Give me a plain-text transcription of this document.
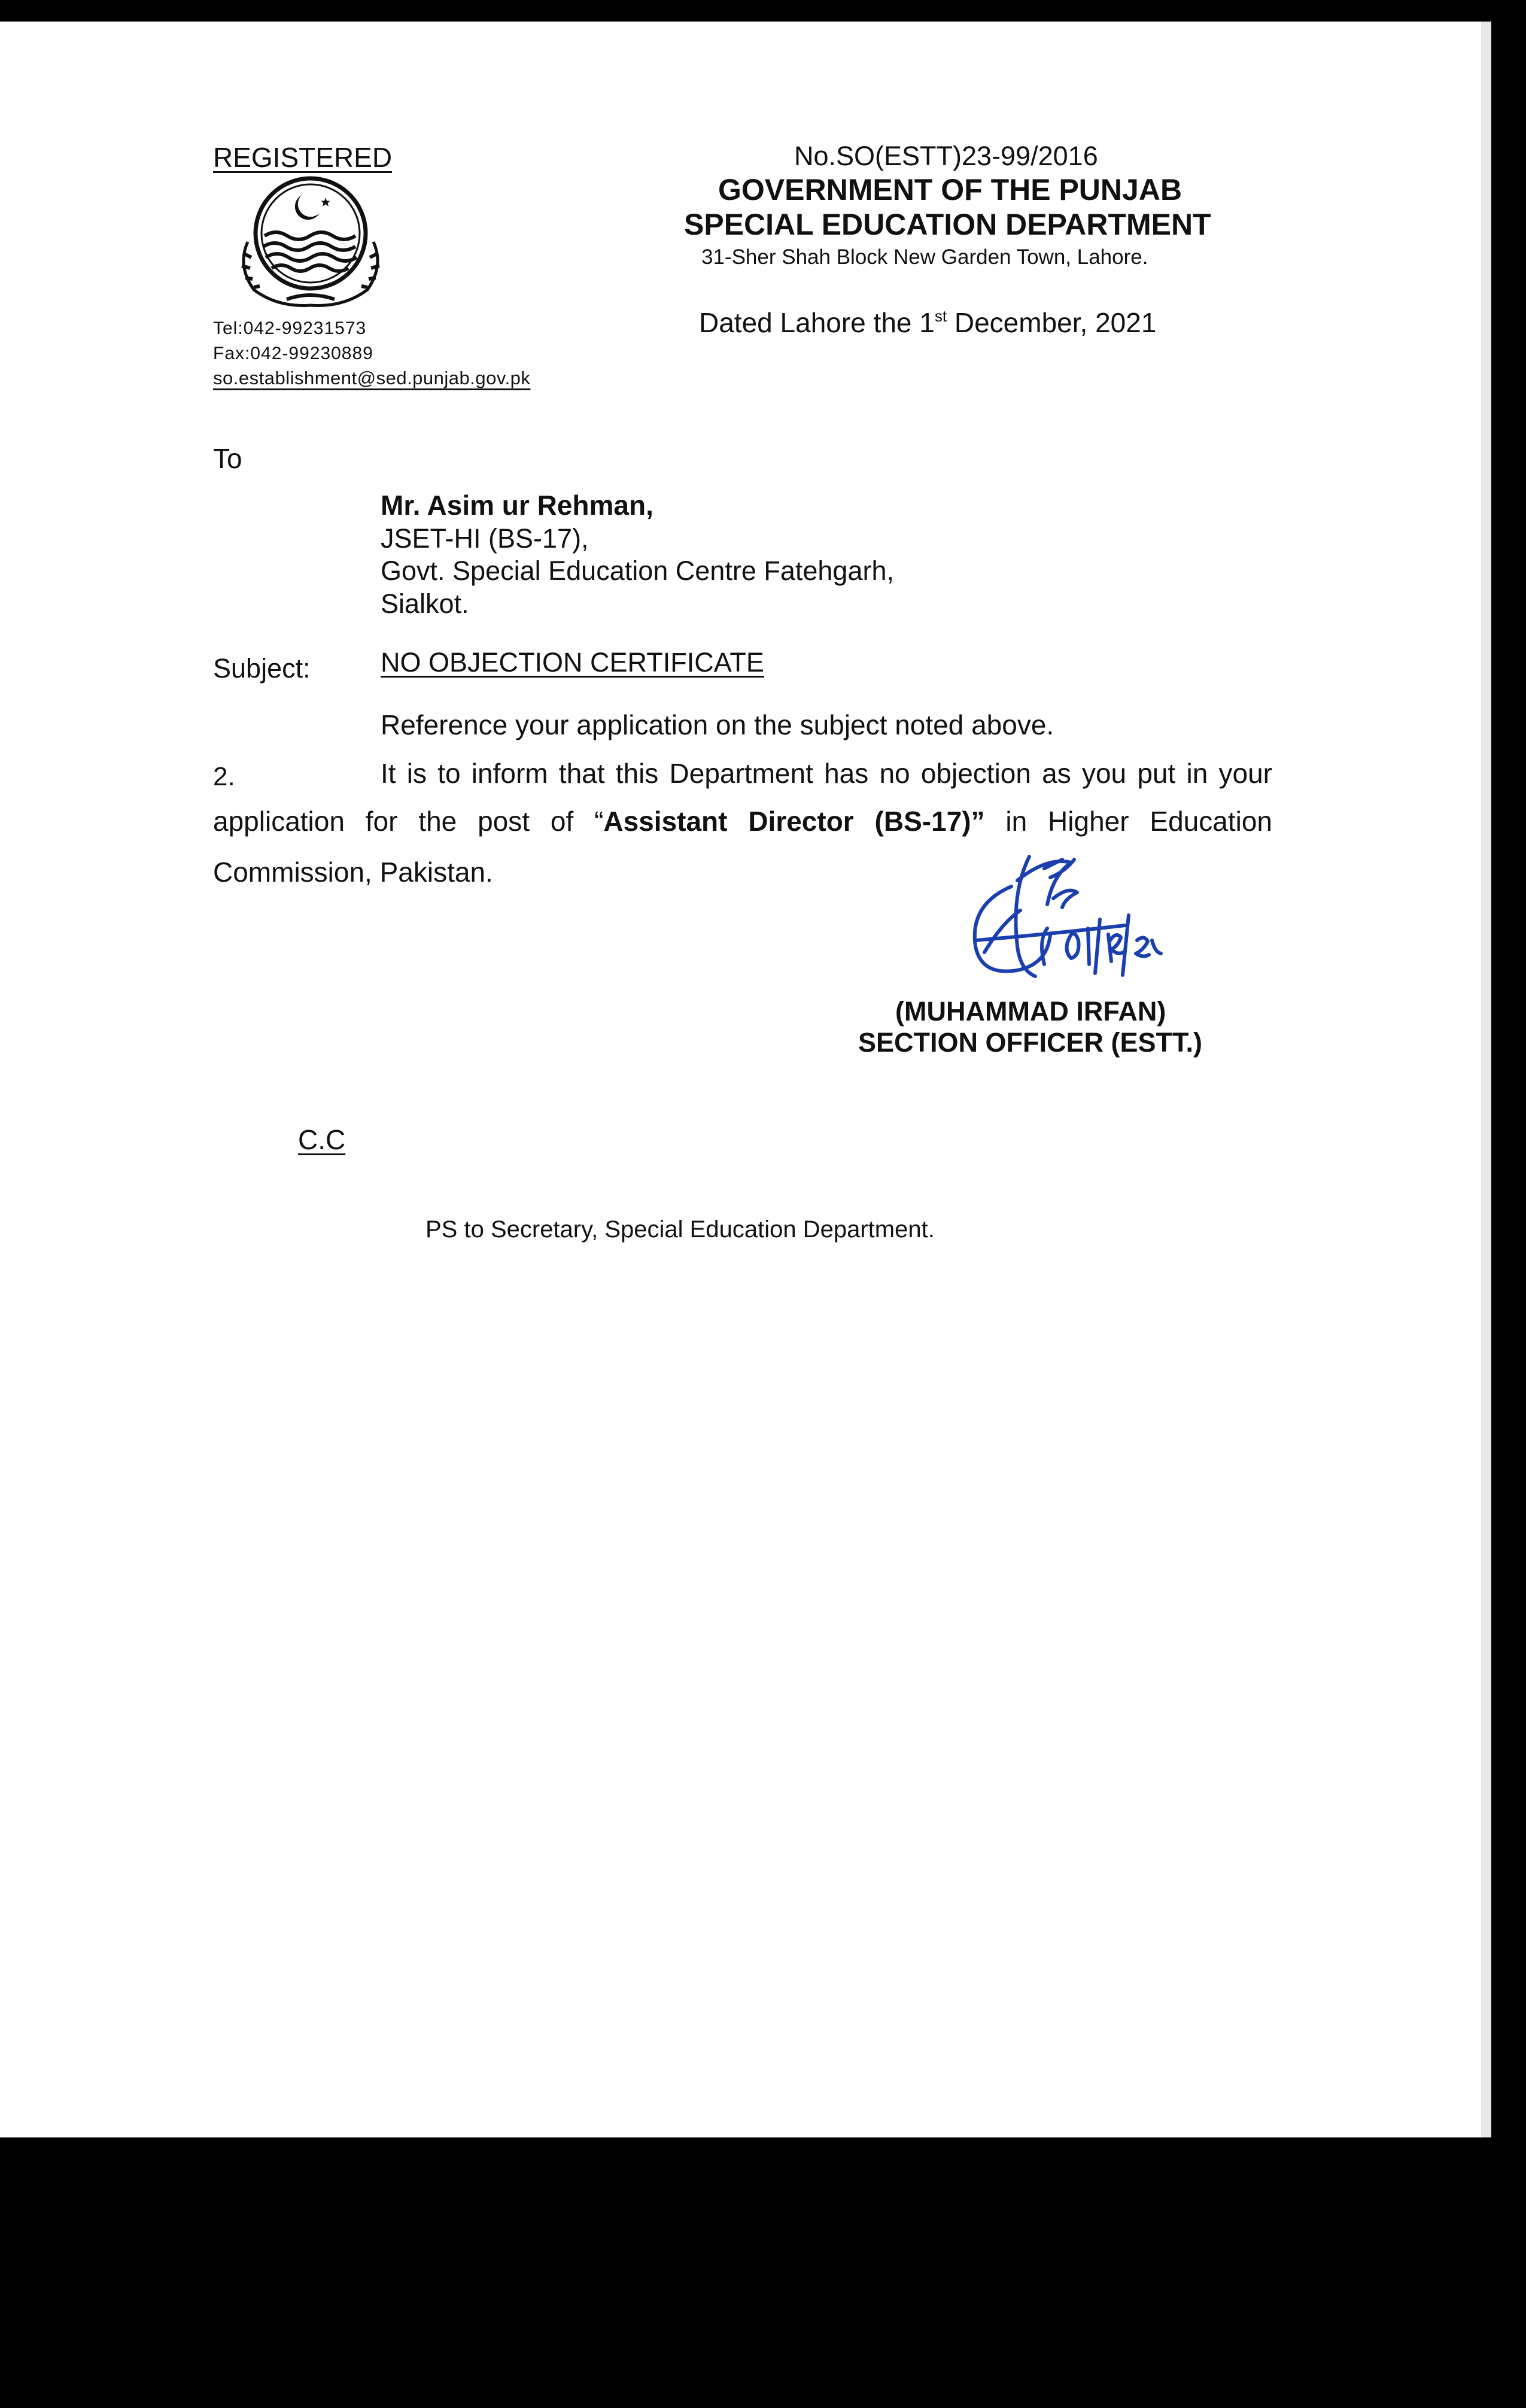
REGISTERED	No.SO(ESTT)23-99/2016

GOVERNMENT OF THE PUNJAB

SPECIAL EDUCATION DEPARTMENT

31-Sher Shah Block New Garden Town, Lahore.

Dated Lahore the 1st December, 2021

Tel:042-99231573

Fax:042-99230889

so.establishment@sed.punjab.gov.pk

To

Mr. Asim ur Rehman,

JSET-HI (BS-17),

Govt. Special Education Centre Fatehgarh,

Sialkot.

Subject:	NO OBJECTION CERTIFICATE

Reference your application on the subject noted above.

2.	It is to inform that this Department has no objection as you put in your

application for the post of “Assistant Director (BS-17)” in Higher Education

Commission, Pakistan.

(MUHAMMAD IRFAN)

SECTION OFFICER (ESTT.)

C.C

PS to Secretary, Special Education Department.
